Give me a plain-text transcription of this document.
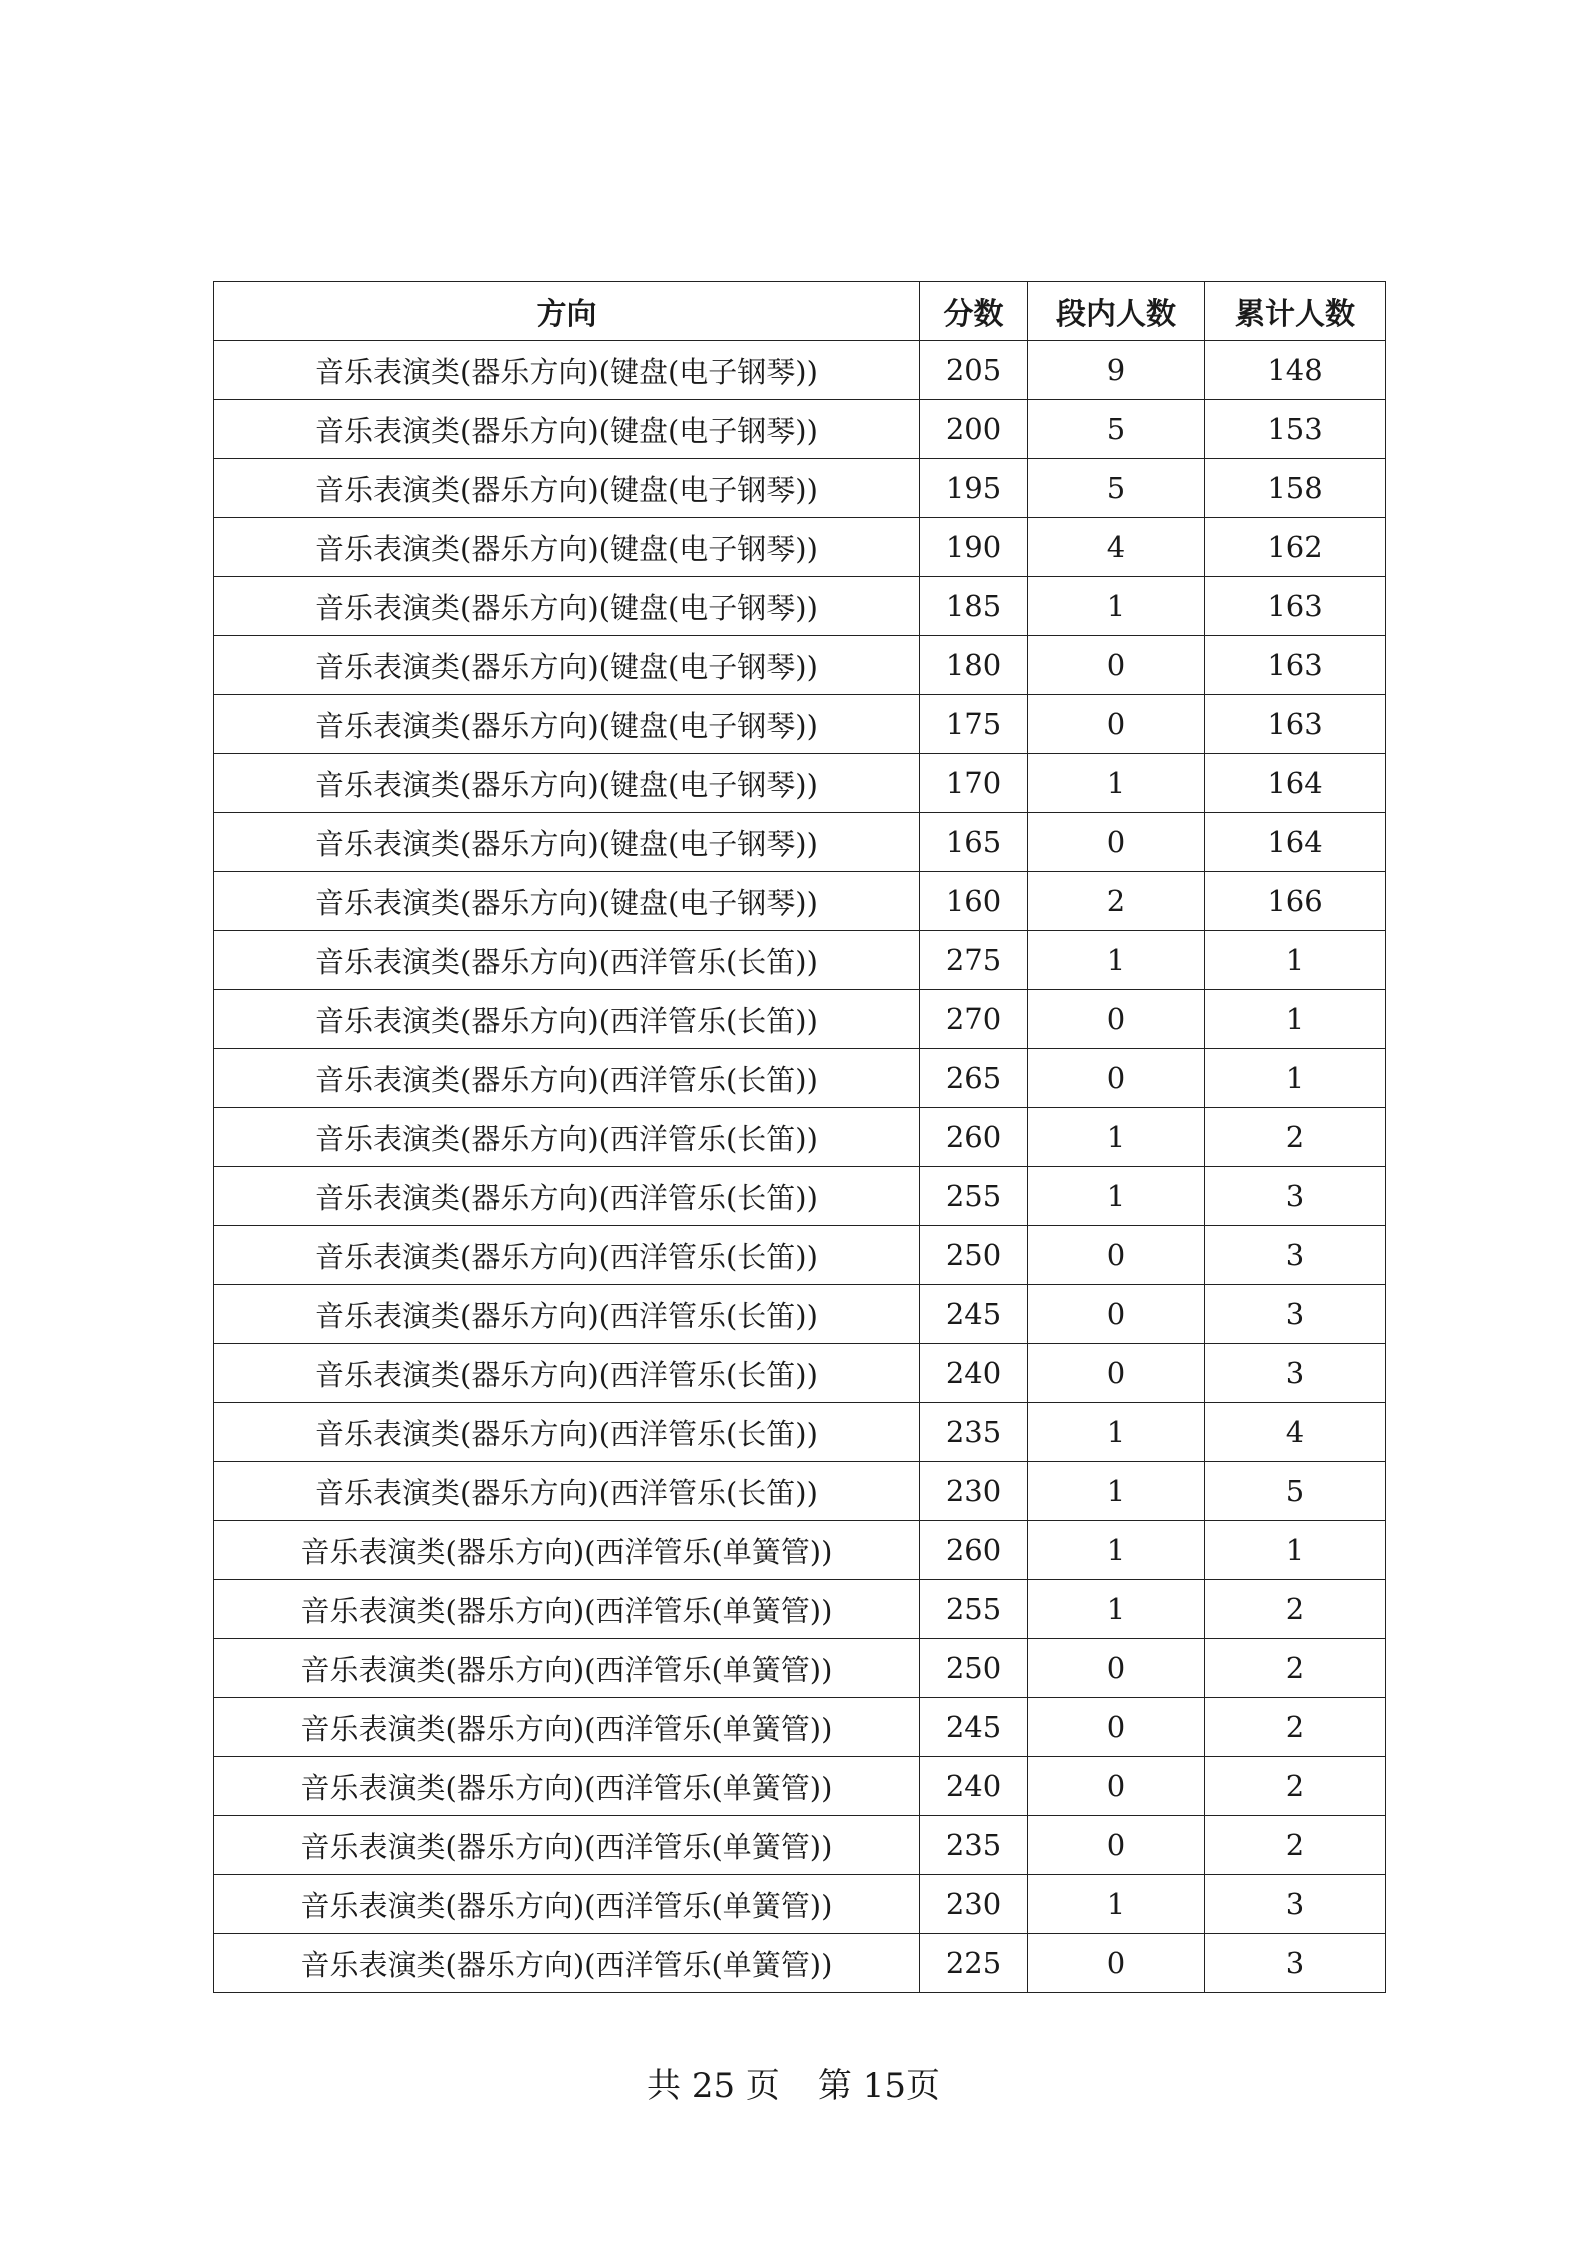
方向	分数	段内人数	累计人数
音乐表演类(器乐方向)(键盘(电子钢琴))	205	9	148
音乐表演类(器乐方向)(键盘(电子钢琴))	200	5	153
音乐表演类(器乐方向)(键盘(电子钢琴))	195	5	158
音乐表演类(器乐方向)(键盘(电子钢琴))	190	4	162
音乐表演类(器乐方向)(键盘(电子钢琴))	185	1	163
音乐表演类(器乐方向)(键盘(电子钢琴))	180	0	163
音乐表演类(器乐方向)(键盘(电子钢琴))	175	0	163
音乐表演类(器乐方向)(键盘(电子钢琴))	170	1	164
音乐表演类(器乐方向)(键盘(电子钢琴))	165	0	164
音乐表演类(器乐方向)(键盘(电子钢琴))	160	2	166
音乐表演类(器乐方向)(西洋管乐(长笛))	275	1	1
音乐表演类(器乐方向)(西洋管乐(长笛))	270	0	1
音乐表演类(器乐方向)(西洋管乐(长笛))	265	0	1
音乐表演类(器乐方向)(西洋管乐(长笛))	260	1	2
音乐表演类(器乐方向)(西洋管乐(长笛))	255	1	3
音乐表演类(器乐方向)(西洋管乐(长笛))	250	0	3
音乐表演类(器乐方向)(西洋管乐(长笛))	245	0	3
音乐表演类(器乐方向)(西洋管乐(长笛))	240	0	3
音乐表演类(器乐方向)(西洋管乐(长笛))	235	1	4
音乐表演类(器乐方向)(西洋管乐(长笛))	230	1	5
音乐表演类(器乐方向)(西洋管乐(单簧管))	260	1	1
音乐表演类(器乐方向)(西洋管乐(单簧管))	255	1	2
音乐表演类(器乐方向)(西洋管乐(单簧管))	250	0	2
音乐表演类(器乐方向)(西洋管乐(单簧管))	245	0	2
音乐表演类(器乐方向)(西洋管乐(单簧管))	240	0	2
音乐表演类(器乐方向)(西洋管乐(单簧管))	235	0	2
音乐表演类(器乐方向)(西洋管乐(单簧管))	230	1	3
音乐表演类(器乐方向)(西洋管乐(单簧管))	225	0	3
共 25 页 第 15页
